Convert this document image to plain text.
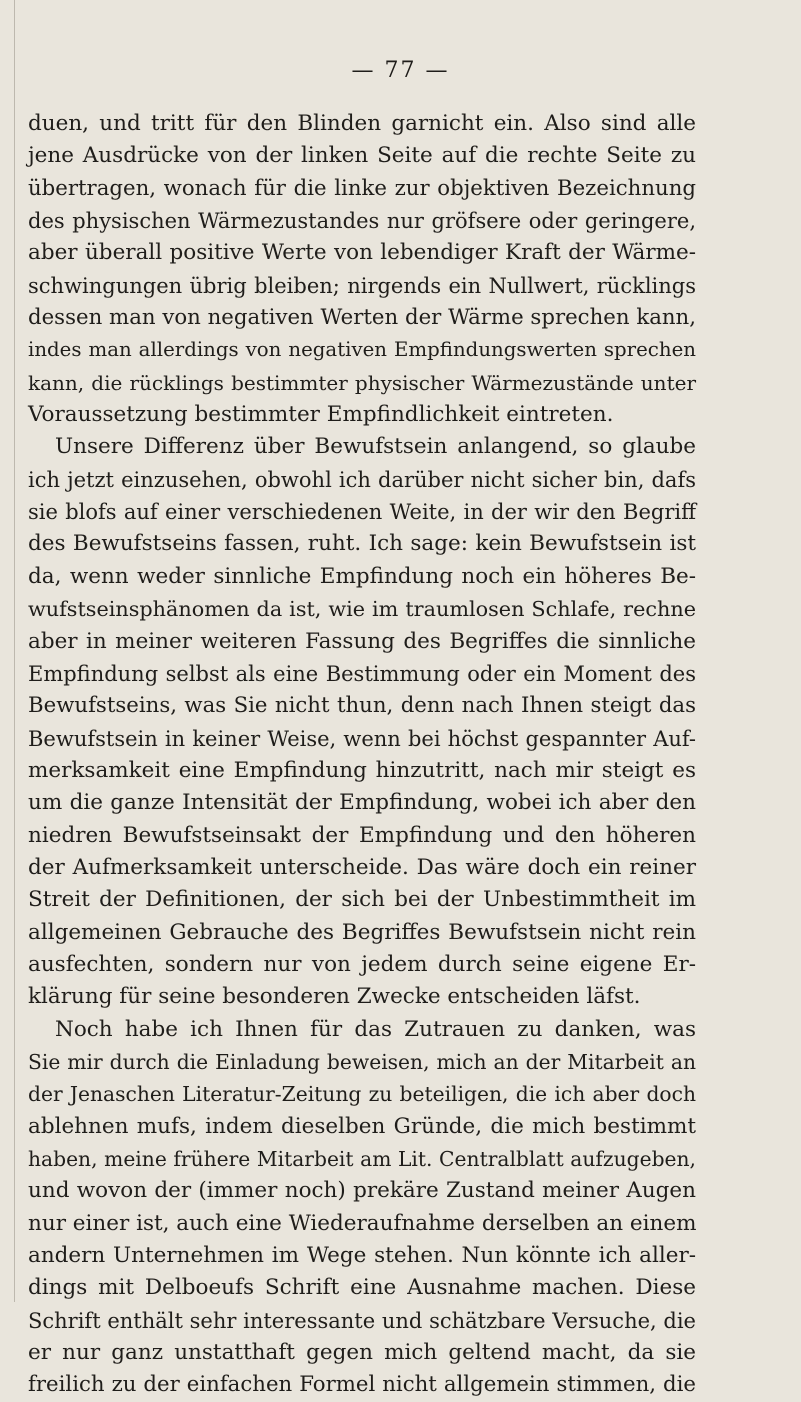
— 77 —
duen, und tritt für den Blinden garnicht ein. Also sind alle
jene Ausdrücke von der linken Seite auf die rechte Seite zu
übertragen, wonach für die linke zur objektiven Bezeichnung
des physischen Wärmezustandes nur gröfsere oder geringere,
aber überall positive Werte von lebendiger Kraft der Wärme-
schwingungen übrig bleiben; nirgends ein Nullwert, rücklings
dessen man von negativen Werten der Wärme sprechen kann,
indes man allerdings von negativen Empfindungswerten sprechen
kann, die rücklings bestimmter physischer Wärmezustände unter
Voraussetzung bestimmter Empfindlichkeit eintreten.
Unsere Differenz über Bewufstsein anlangend, so glaube
ich jetzt einzusehen, obwohl ich darüber nicht sicher bin, dafs
sie blofs auf einer verschiedenen Weite, in der wir den Begriff
des Bewufstseins fassen, ruht. Ich sage: kein Bewufstsein ist
da, wenn weder sinnliche Empfindung noch ein höheres Be-
wufstseinsphänomen da ist, wie im traumlosen Schlafe, rechne
aber in meiner weiteren Fassung des Begriffes die sinnliche
Empfindung selbst als eine Bestimmung oder ein Moment des
Bewufstseins, was Sie nicht thun, denn nach Ihnen steigt das
Bewufstsein in keiner Weise, wenn bei höchst gespannter Auf-
merksamkeit eine Empfindung hinzutritt, nach mir steigt es
um die ganze Intensität der Empfindung, wobei ich aber den
niedren Bewufstseinsakt der Empfindung und den höheren
der Aufmerksamkeit unterscheide. Das wäre doch ein reiner
Streit der Definitionen, der sich bei der Unbestimmtheit im
allgemeinen Gebrauche des Begriffes Bewufstsein nicht rein
ausfechten, sondern nur von jedem durch seine eigene Er-
klärung für seine besonderen Zwecke entscheiden läfst.
Noch habe ich Ihnen für das Zutrauen zu danken, was
Sie mir durch die Einladung beweisen, mich an der Mitarbeit an
der Jenaschen Literatur-Zeitung zu beteiligen, die ich aber doch
ablehnen mufs, indem dieselben Gründe, die mich bestimmt
haben, meine frühere Mitarbeit am Lit. Centralblatt aufzugeben,
und wovon der (immer noch) prekäre Zustand meiner Augen
nur einer ist, auch eine Wiederaufnahme derselben an einem
andern Unternehmen im Wege stehen. Nun könnte ich aller-
dings mit Delboeufs Schrift eine Ausnahme machen. Diese
Schrift enthält sehr interessante und schätzbare Versuche, die
er nur ganz unstatthaft gegen mich geltend macht, da sie
freilich zu der einfachen Formel nicht allgemein stimmen, die
